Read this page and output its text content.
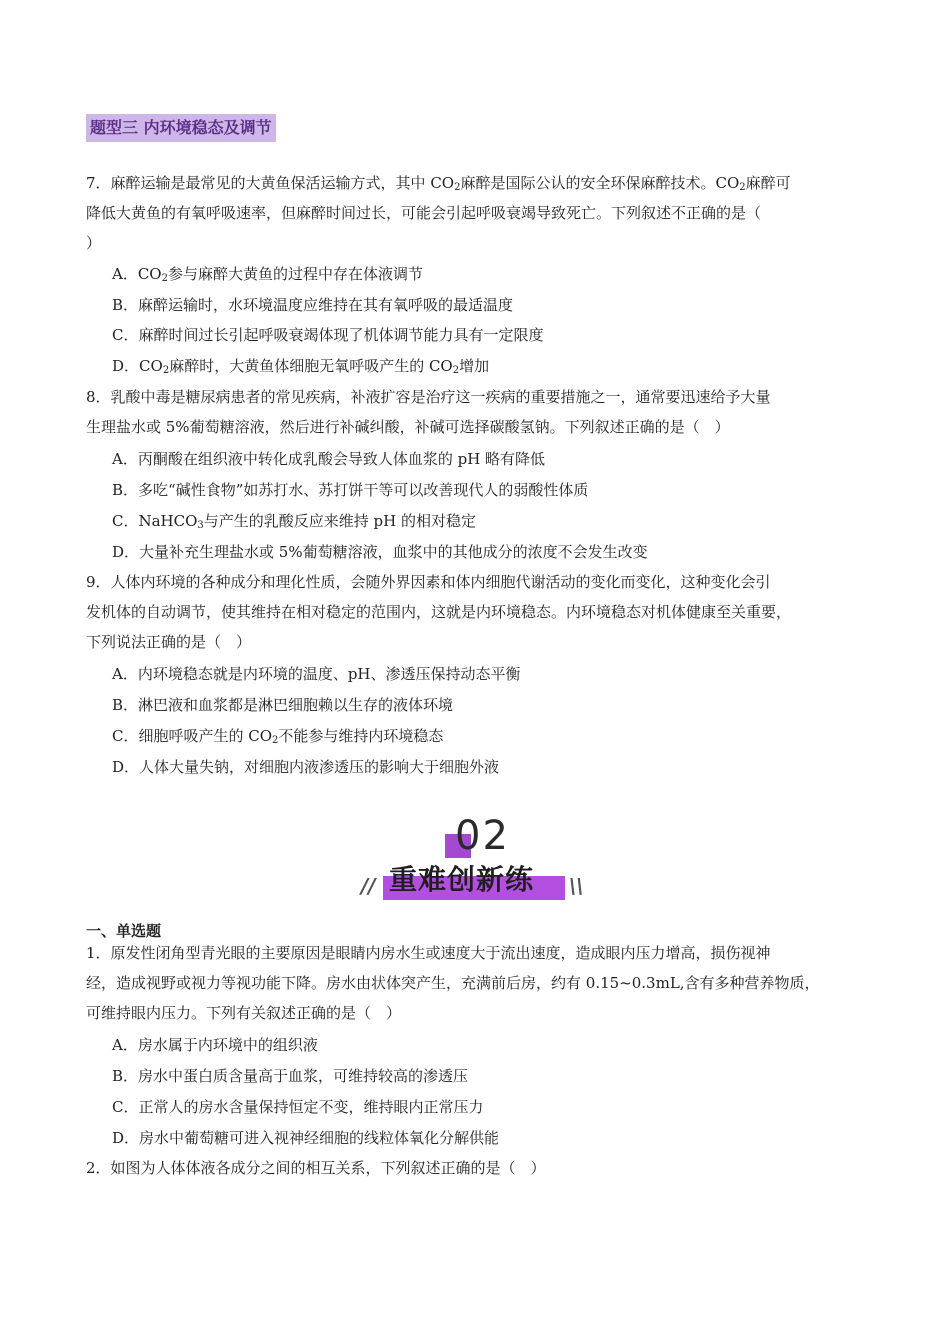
题型三 内环境稳态及调节
7．麻醉运输是最常见的大黄鱼保活运输方式，其中 $CO_2$麻醉是国际公认的安全环保麻醉技术。$CO_2$麻醉可
降低大黄鱼的有氧呼吸速率，但麻醉时间过长，可能会引起呼吸衰竭导致死亡。下列叙述不正确的是（
）
A．$CO_2$参与麻醉大黄鱼的过程中存在体液调节
B．麻醉运输时，水环境温度应维持在其有氧呼吸的最适温度
C．麻醉时间过长引起呼吸衰竭体现了机体调节能力具有一定限度
D．$CO_2$麻醉时，大黄鱼体细胞无氧呼吸产生的 $CO_2$增加
8．乳酸中毒是糖尿病患者的常见疾病，补液扩容是治疗这一疾病的重要措施之一，通常要迅速给予大量
生理盐水或 5%葡萄糖溶液，然后进行补碱纠酸，补碱可选择碳酸氢钠。下列叙述正确的是（　）
A．丙酮酸在组织液中转化成乳酸会导致人体血浆的 pH 略有降低
B．多吃“碱性食物”如苏打水、苏打饼干等可以改善现代人的弱酸性体质
C．NaHCO$_3$与产生的乳酸反应来维持 pH 的相对稳定
D．大量补充生理盐水或 5%葡萄糖溶液，血浆中的其他成分的浓度不会发生改变
9．人体内环境的各种成分和理化性质，会随外界因素和体内细胞代谢活动的变化而变化，这种变化会引
发机体的自动调节，使其维持在相对稳定的范围内，这就是内环境稳态。内环境稳态对机体健康至关重要，
下列说法正确的是（　）
A．内环境稳态就是内环境的温度、pH、渗透压保持动态平衡
B．淋巴液和血浆都是淋巴细胞赖以生存的液体环境
C．细胞呼吸产生的 $CO_2$不能参与维持内环境稳态
D．人体大量失钠，对细胞内液渗透压的影响大于细胞外液
02
重难创新练
//	\\
一、单选题
1．原发性闭角型青光眼的主要原因是眼睛内房水生或速度大于流出速度，造成眼内压力增高，损伤视神
经，造成视野或视力等视功能下降。房水由状体突产生，充满前后房，约有 0.15~0.3mL,含有多种营养物质，
可维持眼内压力。下列有关叙述正确的是（　）
A．房水属于内环境中的组织液
B．房水中蛋白质含量高于血浆，可维持较高的渗透压
C．正常人的房水含量保持恒定不变，维持眼内正常压力
D．房水中葡萄糖可进入视神经细胞的线粒体氧化分解供能
2．如图为人体体液各成分之间的相互关系，下列叙述正确的是（　）
